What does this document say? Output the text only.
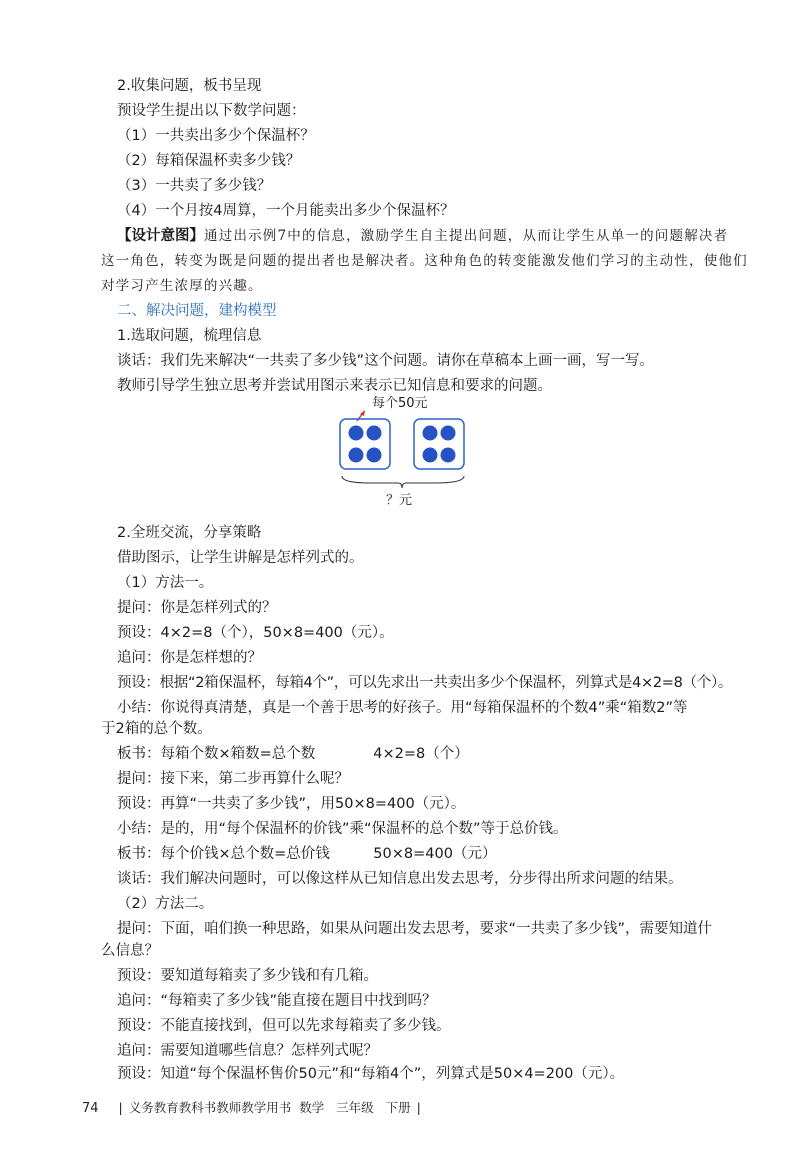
2.收集问题，板书呈现
预设学生提出以下数学问题：
（1）一共卖出多少个保温杯？
（2）每箱保温杯卖多少钱？
（3）一共卖了多少钱？
（4）一个月按4周算，一个月能卖出多少个保温杯？
【设计意图】通过出示例7中的信息，激励学生自主提出问题，从而让学生从单一的问题解决者
这一角色，转变为既是问题的提出者也是解决者。这种角色的转变能激发他们学习的主动性，使他们
对学习产生浓厚的兴趣。
二、解决问题，建构模型
1.选取问题，梳理信息
谈话：我们先来解决“一共卖了多少钱”这个问题。请你在草稿本上画一画，写一写。
教师引导学生独立思考并尝试用图示来表示已知信息和要求的问题。
每个50元
？元
2.全班交流，分享策略
借助图示，让学生讲解是怎样列式的。
（1）方法一。
提问：你是怎样列式的？
预设：4×2=8（个），50×8=400（元）。
追问：你是怎样想的？
预设：根据“2箱保温杯，每箱4个”，可以先求出一共卖出多少个保温杯，列算式是4×2=8（个）。
小结：你说得真清楚，真是一个善于思考的好孩子。用“每箱保温杯的个数4”乘“箱数2”等
于2箱的总个数。
板书：每箱个数×箱数=总个数　　　　4×2=8（个）
提问：接下来，第二步再算什么呢？
预设：再算“一共卖了多少钱”，用50×8=400（元）。
小结：是的，用“每个保温杯的价钱”乘“保温杯的总个数”等于总价钱。
板书：每个价钱×总个数=总价钱　　　50×8=400（元）
谈话：我们解决问题时，可以像这样从已知信息出发去思考，分步得出所求问题的结果。
（2）方法二。
提问：下面，咱们换一种思路，如果从问题出发去思考，要求“一共卖了多少钱”，需要知道什
么信息？
预设：要知道每箱卖了多少钱和有几箱。
追问：“每箱卖了多少钱”能直接在题目中找到吗？
预设：不能直接找到，但可以先求每箱卖了多少钱。
追问：需要知道哪些信息？怎样列式呢？
预设：知道“每个保温杯售价50元”和“每箱4个”，列算式是50×4=200（元）。
74 | 义务教育教科书教师教学用书 数学 三年级 下册 |
